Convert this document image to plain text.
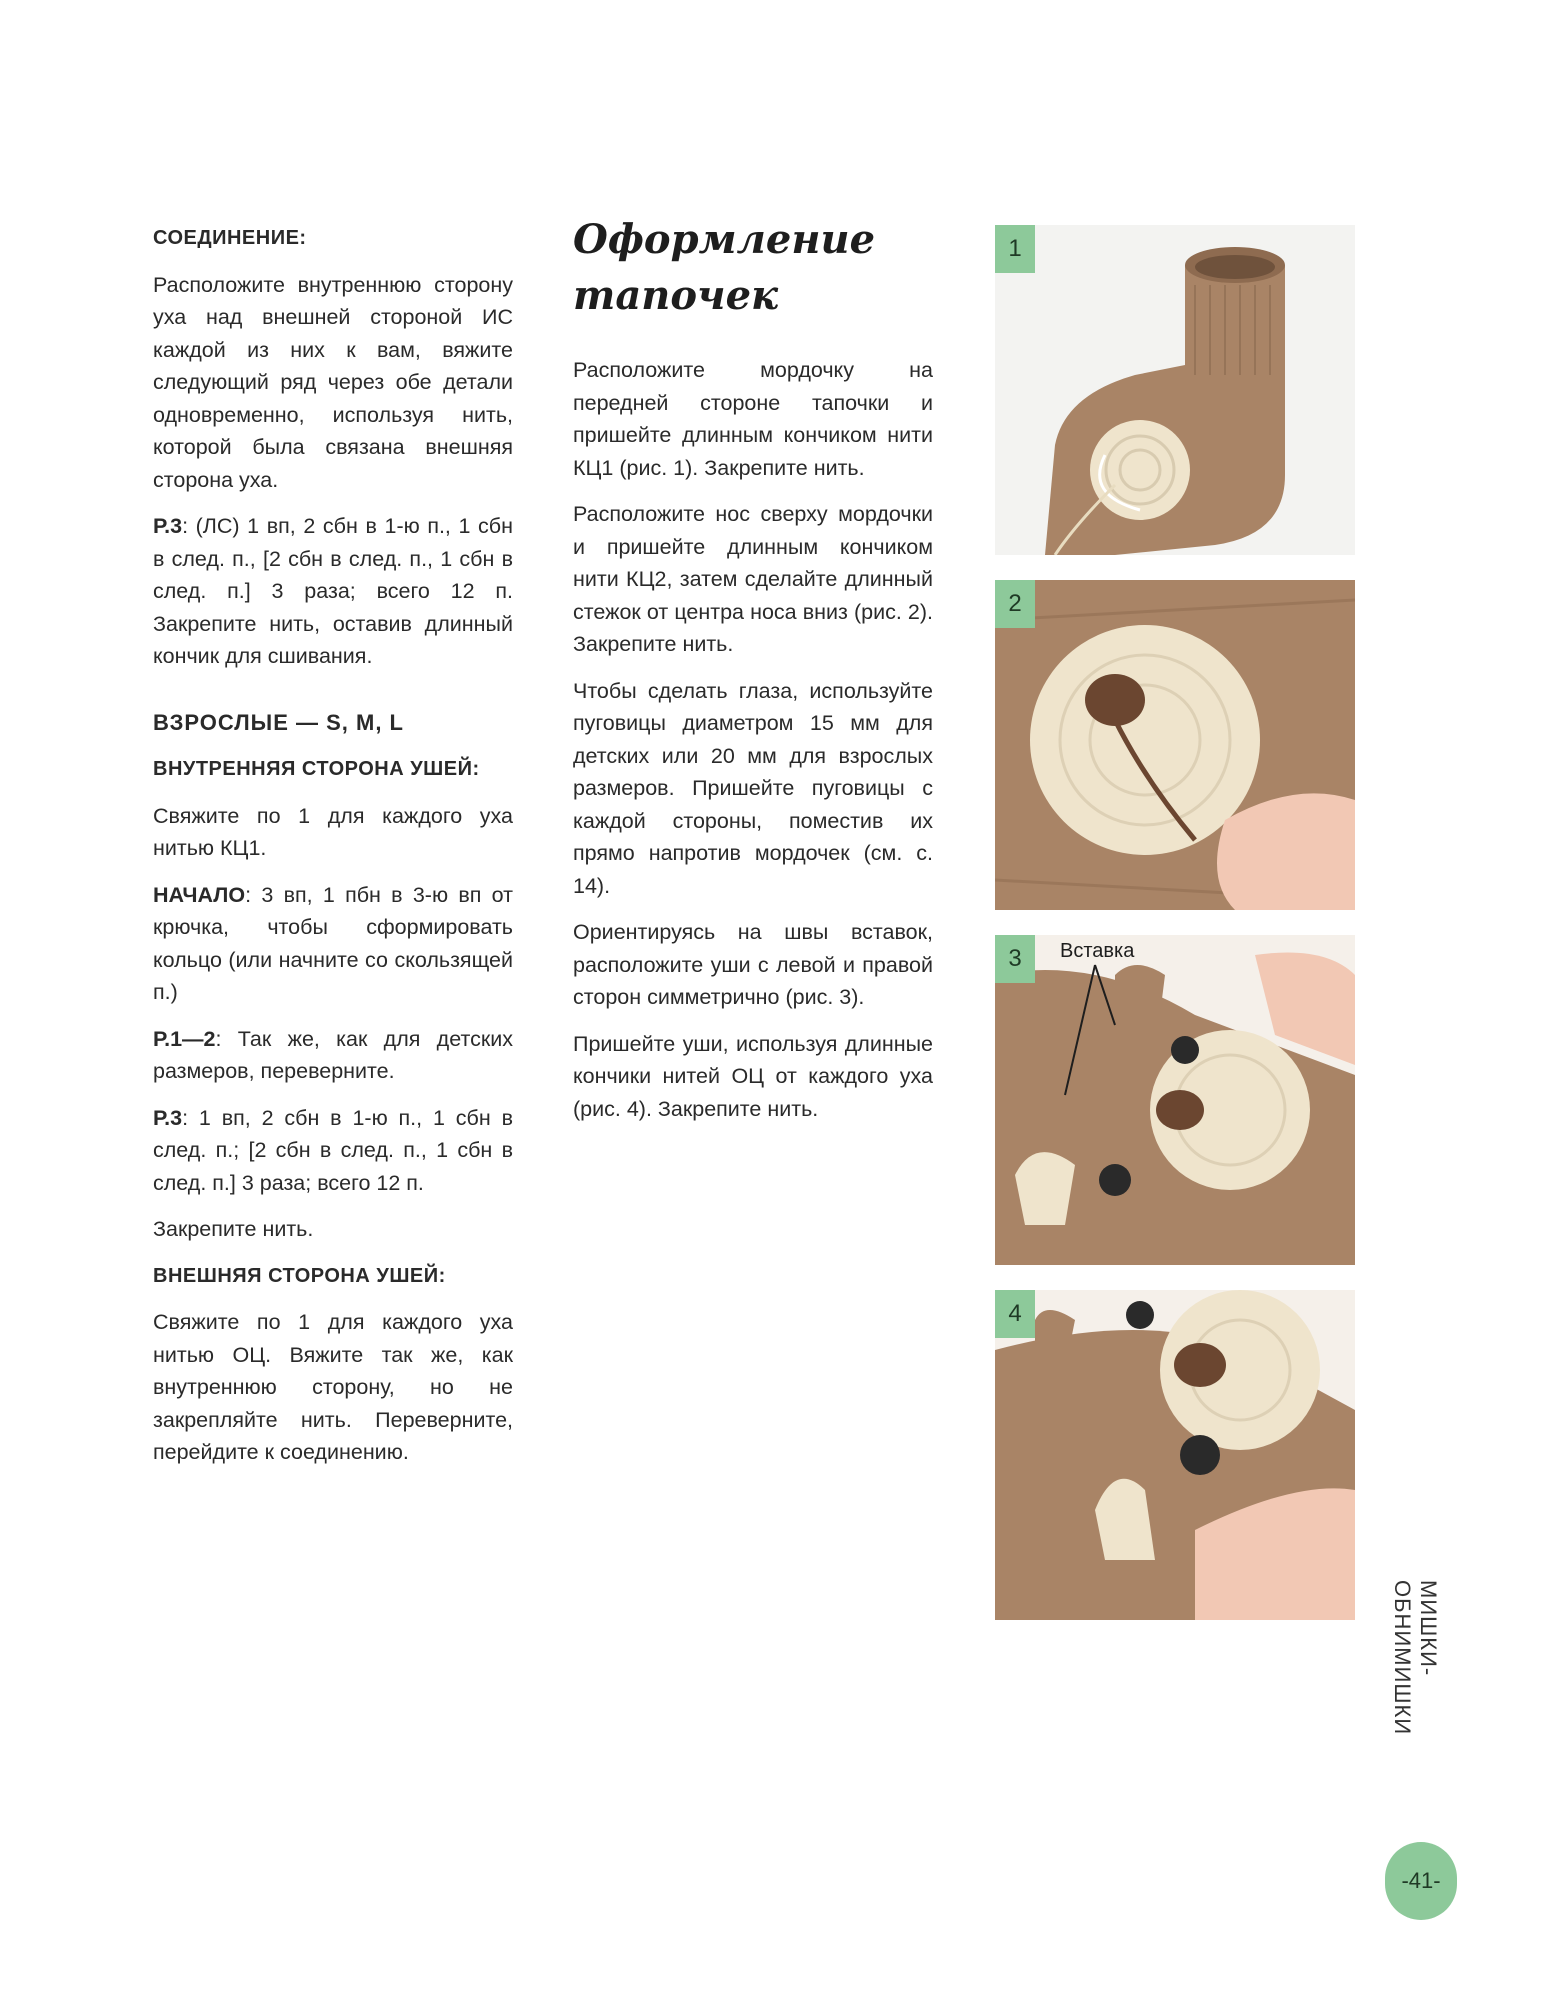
СОЕДИНЕНИЕ:

Расположите внутреннюю сторону уха над внешней стороной ИС каждой из них к вам, вяжите следующий ряд через обе детали одновременно, используя нить, которой была связана внешняя сторона уха.

Р.3: (ЛС) 1 вп, 2 сбн в 1-ю п., 1 сбн в след. п., [2 сбн в след. п., 1 сбн в след. п.] 3 раза; всего 12 п. Закрепите нить, оставив длинный кончик для сшивания.

ВЗРОСЛЫЕ — S, M, L
ВНУТРЕННЯЯ СТОРОНА УШЕЙ:

Свяжите по 1 для каждого уха нитью КЦ1.

НАЧАЛО: 3 вп, 1 пбн в 3-ю вп от крючка, чтобы сформировать кольцо (или начните со скользящей п.)

Р.1—2: Так же, как для детских размеров, переверните.

Р.3: 1 вп, 2 сбн в 1-ю п., 1 сбн в след. п.; [2 сбн в след. п., 1 сбн в след. п.] 3 раза; всего 12 п.

Закрепите нить.

ВНЕШНЯЯ СТОРОНА УШЕЙ:

Свяжите по 1 для каждого уха нитью ОЦ. Вяжите так же, как внутреннюю сторону, но не закрепляйте нить. Переверните, перейдите к соединению.

Оформление
тапочек

Расположите мордочку на передней стороне тапочки и пришейте длинным кончиком нити КЦ1 (рис. 1). Закрепите нить.

Расположите нос сверху мордочки и пришейте длинным кончиком нити КЦ2, затем сделайте длинный стежок от центра носа вниз (рис. 2). Закрепите нить.

Чтобы сделать глаза, используйте пуговицы диаметром 15 мм для детских или 20 мм для взрослых размеров. Пришейте пуговицы с каждой стороны, поместив их прямо напротив мордочек (см. с. 14).

Ориентируясь на швы вставок, расположите уши с левой и правой сторон симметрично (рис. 3).

Пришейте уши, используя длинные кончики нитей ОЦ от каждого уха (рис. 4). Закрепите нить.

1
2
3	Вставка
4
МИШКИ-ОБНИМИШКИ
-41-
